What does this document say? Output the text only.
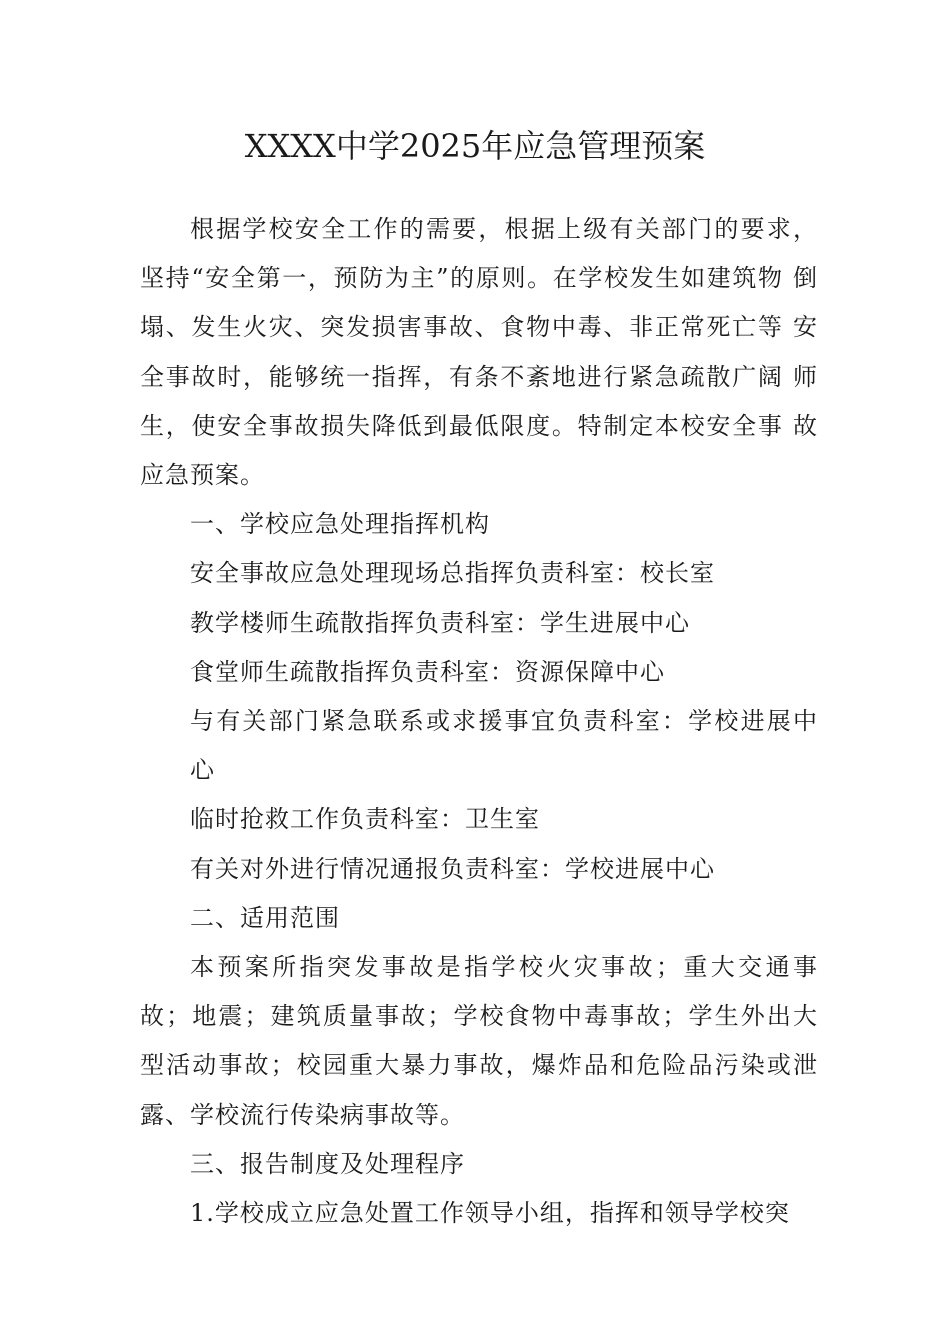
XXXX中学2025年应急管理预案

根据学校安全工作的需要，根据上级有关部门的要求， 坚持“安全第一，预防为主”的原则。在学校发生如建筑物 倒塌、发生火灾、突发损害事故、食物中毒、非正常死亡等 安全事故时，能够统一指挥，有条不紊地进行紧急疏散广阔 师生，使安全事故损失降低到最低限度。特制定本校安全事 故应急预案。

一、学校应急处理指挥机构

安全事故应急处理现场总指挥负责科室：校长室

教学楼师生疏散指挥负责科室：学生进展中心

食堂师生疏散指挥负责科室：资源保障中心

与有关部门紧急联系或求援事宜负责科室：学校进展中 心

临时抢救工作负责科室：卫生室

有关对外进行情况通报负责科室：学校进展中心

二、适用范围

本预案所指突发事故是指学校火灾事故；重大交通事 故；地震；建筑质量事故；学校食物中毒事故；学生外出大 型活动事故；校园重大暴力事故，爆炸品和危险品污染或泄 露、学校流行传染病事故等。

三、报告制度及处理程序

1.学校成立应急处置工作领导小组，指挥和领导学校突
